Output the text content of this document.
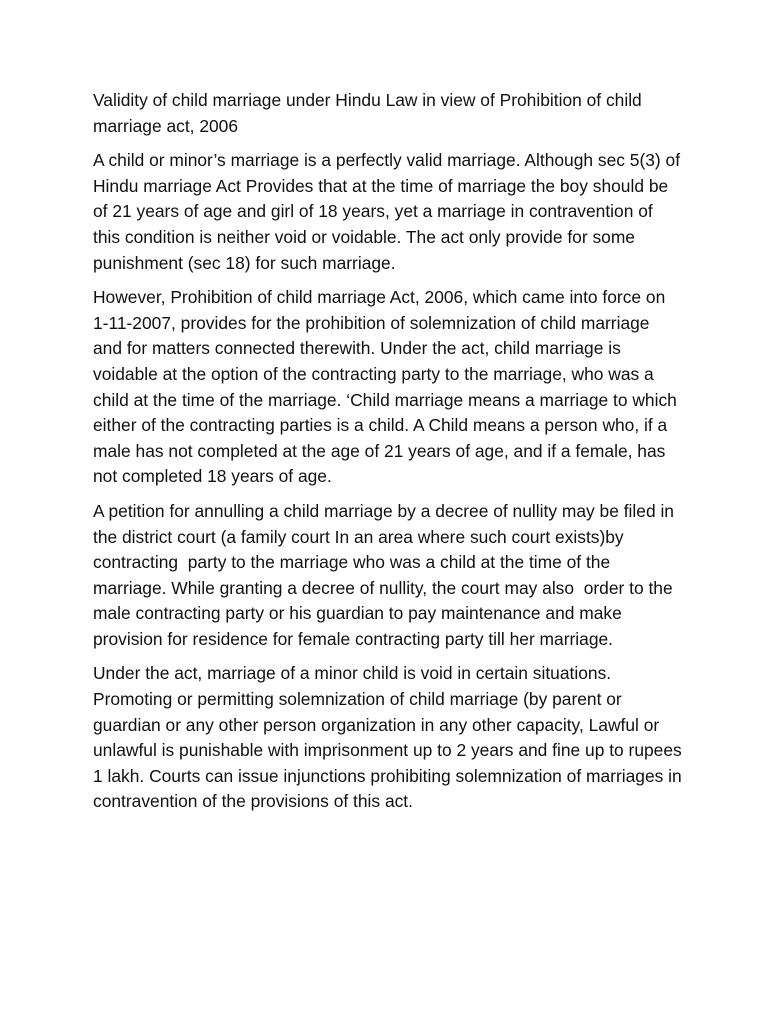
Validity of child marriage under Hindu Law in view of Prohibition of child marriage act, 2006

A child or minor’s marriage is a perfectly valid marriage. Although sec 5(3) of Hindu marriage Act Provides that at the time of marriage the boy should be of 21 years of age and girl of 18 years, yet a marriage in contravention of this condition is neither void or voidable. The act only provide for some punishment (sec 18) for such marriage.

However, Prohibition of child marriage Act, 2006, which came into force on 1-11-2007, provides for the prohibition of solemnization of child marriage and for matters connected therewith. Under the act, child marriage is voidable at the option of the contracting party to the marriage, who was a child at the time of the marriage. ‘Child marriage means a marriage to which either of the contracting parties is a child. A Child means a person who, if a male has not completed at the age of 21 years of age, and if a female, has not completed 18 years of age.

A petition for annulling a child marriage by a decree of nullity may be filed in the district court (a family court In an area where such court exists)by contracting  party to the marriage who was a child at the time of the marriage. While granting a decree of nullity, the court may also  order to the male contracting party or his guardian to pay maintenance and make provision for residence for female contracting party till her marriage.

Under the act, marriage of a minor child is void in certain situations. Promoting or permitting solemnization of child marriage (by parent or guardian or any other person organization in any other capacity, Lawful or unlawful is punishable with imprisonment up to 2 years and fine up to rupees 1 lakh. Courts can issue injunctions prohibiting solemnization of marriages in contravention of the provisions of this act.
